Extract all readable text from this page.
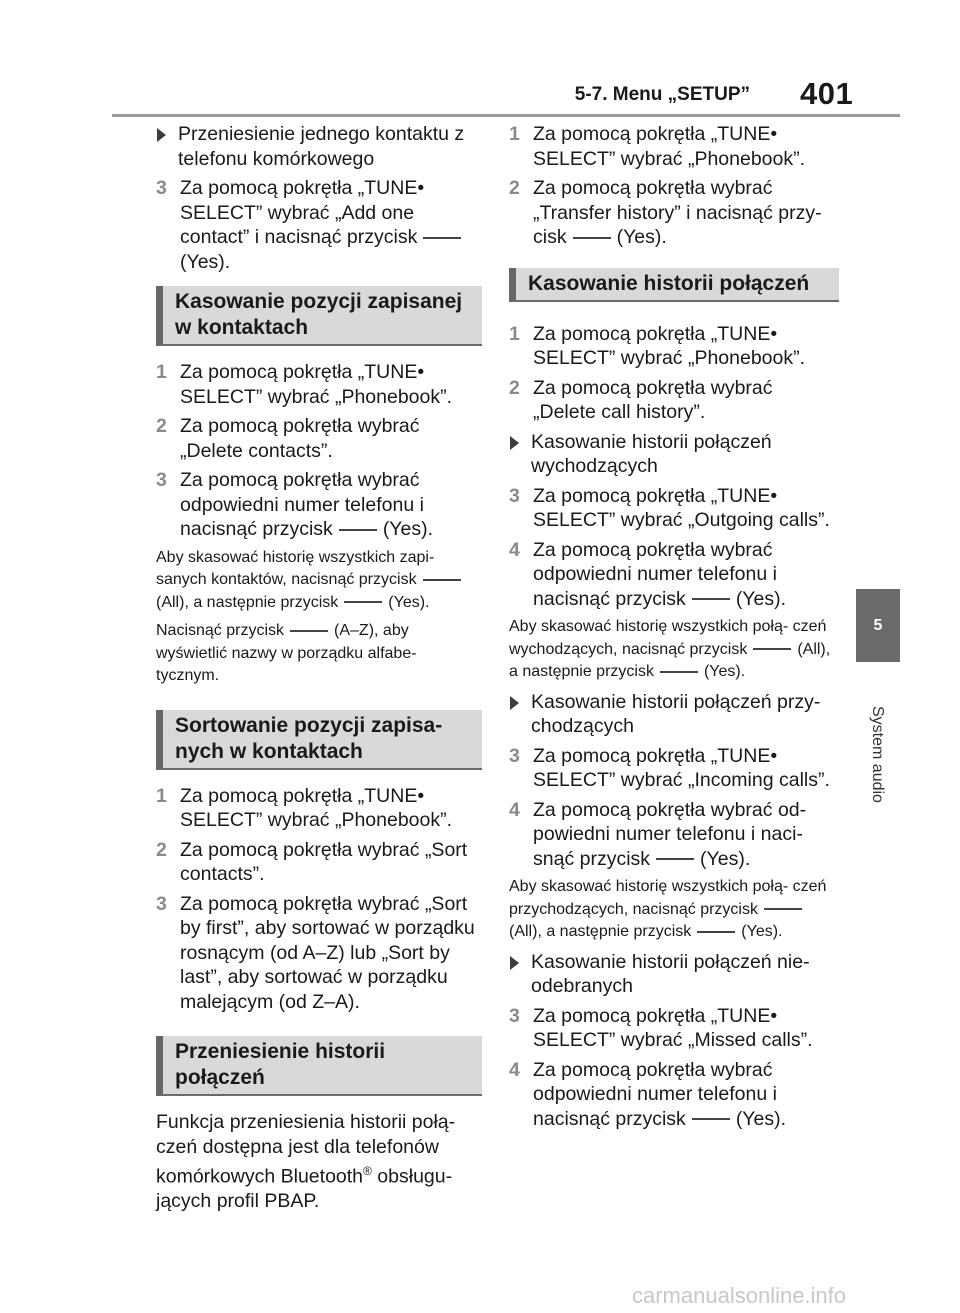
5-7. Menu „SETUP” 401

Przeniesienie jednego kontaktu z telefonu komórkowego

3 Za pomocą pokrętła „TUNE• SELECT” wybrać „Add one contact” i nacisnąć przycisk(Yes).

Kasowanie pozycji zapisanej w kontaktach

1 Za pomocą pokrętła „TUNE• SELECT” wybrać „Phonebook”.

2 Za pomocą pokrętła wybrać „Delete contacts”.

3 Za pomocą pokrętła wybrać odpowiedni numer telefonu i nacisnąć przycisk	(Yes).

Aby skasować historię wszystkich zapi- sanych kontaktów, nacisnąć przycisk(All), a następnie przycisk	(Yes).

Nacisnąć przycisk	(A–Z), aby wyświetlić nazwy w porządku alfabe- tycznym.

Sortowanie pozycji zapisa- nych w kontaktach

1 Za pomocą pokrętła „TUNE• SELECT” wybrać „Phonebook”.

2 Za pomocą pokrętła wybrać „Sort contacts”.

3 Za pomocą pokrętła wybrać „Sort by first”, aby sortować w porządku rosnącym (od A–Z) lub „Sort by last”, aby sortować w porządku malejącym (od Z–A).

Przeniesienie historii połączeń

Funkcja przeniesienia historii połą- czeń dostępna jest dla telefonów komórkowych Bluetooth® obsługu- jących profil PBAP.

1 Za pomocą pokrętła „TUNE• SELECT” wybrać „Phonebook”.

2 Za pomocą pokrętła wybrać „Transfer history” i nacisnąć przy- cisk	(Yes).

Kasowanie historii połączeń

1 Za pomocą pokrętła „TUNE• SELECT” wybrać „Phonebook”.

2 Za pomocą pokrętła wybrać „Delete call history”.

Kasowanie historii połączeń wychodzących

3 Za pomocą pokrętła „TUNE• SELECT” wybrać „Outgoing calls”.

4 Za pomocą pokrętła wybrać odpowiedni numer telefonu i nacisnąć przycisk	(Yes).

Aby skasować historię wszystkich połą- czeń wychodzących, nacisnąć przycisk	(All), a następnie przycisk	(Yes).

Kasowanie historii połączeń przy- chodzących

3 Za pomocą pokrętła „TUNE• SELECT” wybrać „Incoming calls”.

4 Za pomocą pokrętła wybrać od- powiedni numer telefonu i naci- snąć przycisk	(Yes).

Aby skasować historię wszystkich połą- czeń przychodzących, nacisnąć przycisk(All), a następnie przycisk	(Yes).

Kasowanie historii połączeń nie- odebranych

3 Za pomocą pokrętła „TUNE• SELECT” wybrać „Missed calls”.

4 Za pomocą pokrętła wybrać odpowiedni numer telefonu i nacisnąć przycisk	(Yes).

5
System audio
carmanualsonline.info
